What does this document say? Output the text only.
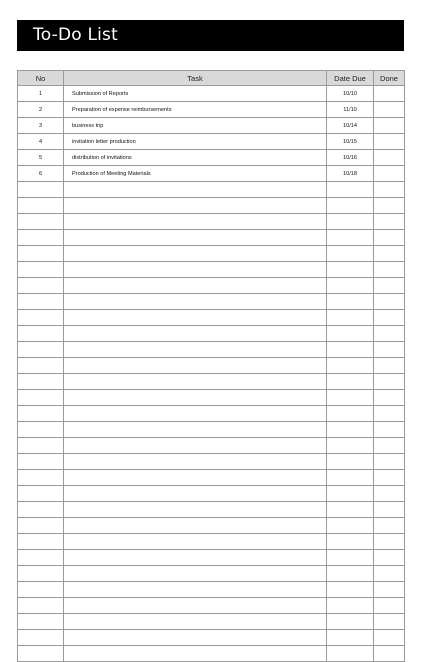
To-Do List
No	Task	Date Due	Done
1	Submission of Reports	10/10	
2	Preparation of expense reimbursements	11/10	
3	business trip	10/14	
4	invitation letter production	10/15	
5	distribution of invitations	10/16	
6	Production of Meeting Materials	10/18	
